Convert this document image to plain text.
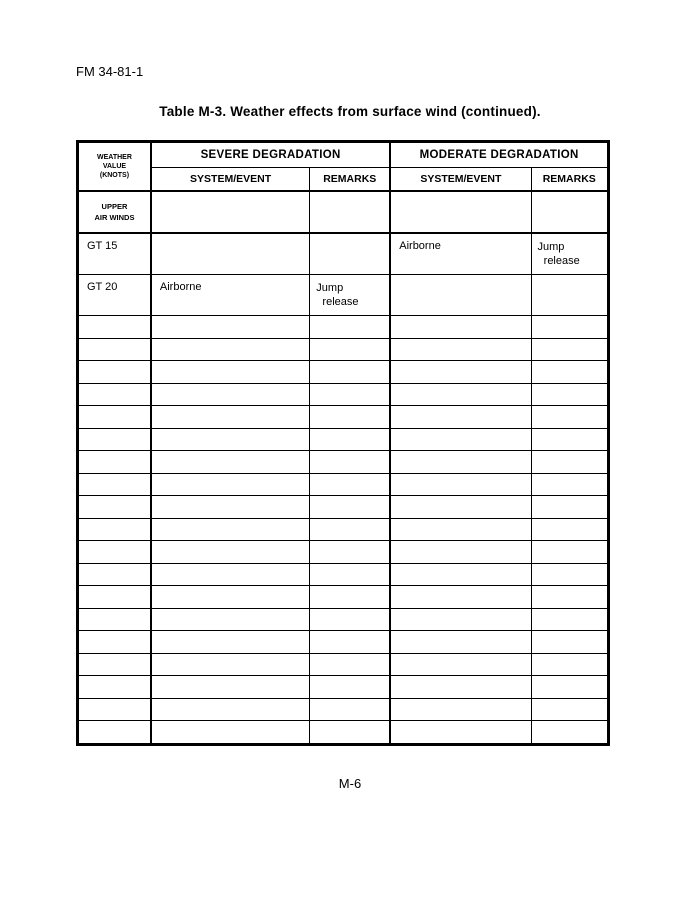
FM 34-81-1
Table M-3. Weather effects from surface wind (continued).
WEATHER
VALUE
(KNOTS)	SEVERE DEGRADATION		MODERATE DEGRADATION	
	SYSTEM/EVENT	REMARKS	SYSTEM/EVENT	REMARKS
UPPER
AIR WINDS				

GT 15			Airborne	Jump
release

GT 20	Airborne	Jump
release		

M-6
